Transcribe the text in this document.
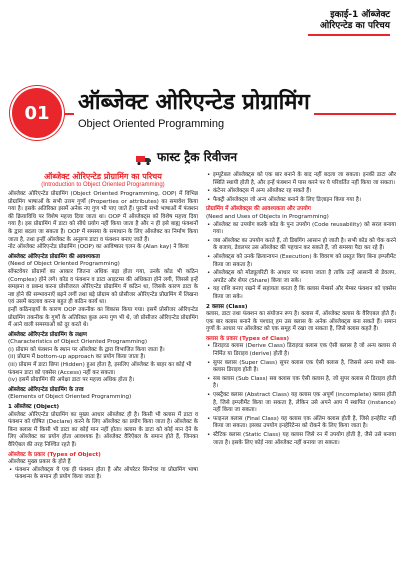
इकाई-1 ऑब्जेक्ट
ओरिएन्टेड का परिचय
01	ऑब्जेक्ट ओरिएन्टेड प्रोग्रामिंग
Object Oriented Programming
फास्ट ट्रैक रिवीजन
ऑब्जेक्ट ओरिएन्टेड प्रोग्रामिंग का परिचय
(Introduction to Object Oriented Programming)

ऑब्जेक्ट ओरिएन्टेड प्रोग्रामिंग (Object Oriented Programming, OOP) में विभिन्न प्रोग्रामिंग भाषाओं के सभी उत्तम गुणों (Properties or attributes) का समावेश किया गया है। इसके अतिरिक्त इसमें अनेक नए गुण भी पाए जाते हैं। पुरानी सभी भाषाओं में फंक्शन की क्रियाविधि पर विशेष महत्त्व दिया जाता था। OOP में ऑब्जेक्ट्स को विशेष महत्त्व दिया गया है। इस प्रोग्रामिंग में डाटा को सीधे प्रयोग नहीं किया जाता है और न ही इसे बाह्य फंक्शनों के द्वारा बदला जा सकता है। OOP में समस्या के समाधान के लिए ऑब्जेक्ट का निर्माण किया जाता है, तथा इन्हीं ऑब्जेक्ट के अनुरूप डाटा व फंक्शन बनाए जाते हैं।

नोट ऑब्जेक्ट ओरिएन्टेड प्रोग्रामिंग (OOP) का आविष्कार एलन के (Alan kay) ने किया

ऑब्जेक्ट ओरिएन्टेड प्रोग्रामिंग की आवश्यकता
(Need of Object Oriented Programming)

सॉफ्टवेयर प्रोग्रामों का आकार जितना अधिक बड़ा होता गया, उनके कोड भी कठिन (Complex) होने लगे। कोड व फंक्शन व डाटा आइटम्स की अधिकता होने लगी, जिससे इन्हें समझना व प्रबन्ध करना प्रोसीजरल ओरिएन्टेड प्रोग्रामिंग में कठिन था, जिसके कारण डाटा के नष्ट होने की सम्भावनाएँ बढ़ने लगीं तथा बड़े प्रोग्राम को प्रोसीजर ओरिएन्टेड प्रोग्रामिंग में लिखना एवं उसमें बदलाव करना बहुत ही कठिन कार्य था।

इन्हीं कठिनाइयों के कारण OOP तकनीक का विकास किया गया। इसमें प्रोसीजर ओरिएन्टेड प्रोग्रामिंग तकनीक के गुणों के अतिरिक्त कुछ अन्य गुण भी थे, जो प्रोसीजर ओरिएन्टेड प्रोग्रामिंग में आने वाली समस्याओं को दूर करते थे।

ऑब्जेक्ट ओरिएन्टेड प्रोग्रामिंग के लक्षण
(Characteristics of Object Oriented Programming)

(i) प्रोग्राम को फंक्शन के स्थान पर ऑब्जेक्ट के द्वारा विभाजित किया जाता है।

(ii) प्रोग्राम में bottom-up approach का प्रयोग किया जाता है।

(iii) प्रोग्राम में डाटा छिपा (Hidden) हुआ होता है, इसलिए ऑब्जेक्ट के बाहर का कोई भी फंक्शन डाटा को एक्सेस (Access) नहीं कर सकता।

(iv) इसमें प्रोग्रामिंग की अपेक्षा डाटा पर महत्त्व अधिक होता है।

ऑब्जेक्ट ओरिएन्टेड प्रोग्रामिंग के तत्त्व
(Elements of Object Oriented Programming)
1 ऑब्जेक्ट (Object)

ऑब्जेक्ट ओरिएन्टेड प्रोग्रामिंग का मुख्य आधार ऑब्जेक्ट ही है। किसी भी क्लास में डाटा व फंक्शन को घोषित (Declare) करने के लिए ऑब्जेक्ट का प्रयोग किया जाता है। ऑब्जेक्ट के बिना क्लास में किसी भी डाटा का कोई मान नहीं होता। क्लास के डाटा को कोई मान देने के लिए ऑब्जेक्ट का प्रयोग होता आवश्यक है। ऑब्जेक्ट वैरिऐबल के समान होते हैं, जिनका वैरिऐबल की तरह निश्चित रहते हैं।

ऑब्जेक्ट के प्रकार (Types of Object)

ऑब्जेक्ट मुख्य प्रकार के होते हैं

• फंक्शन ऑब्जेक्ट्स ये एक ही फंक्शन होता है और ऑपरेटर सिग्नेचर या प्रोग्रामिंग भाषा फंक्शन्स के समान ही प्रयोग किया जाता है।

• इम्यूटेबल ऑब्जेक्ट्स को एक बार बनाने के बाद नहीं बदला जा सकता। इनकी डाटा और स्थिति स्थायी होती है, और इन्हें फंक्शन में पास करने पर ये परिवर्तित नहीं किया जा सकता।

• कंटेनर ऑब्जेक्ट्स में अन्य ऑब्जेक्ट रह सकते हैं।

• फैक्ट्री ऑब्जेक्ट्स जो अन्य ऑब्जेक्ट बनाने के लिए डिज़ाइन किया गया है।

प्रोग्रामिंग में ऑब्जेक्ट्स की आवश्यकता और उपयोग
(Need and Uses of Objects in Programming)

• ऑब्जेक्ट का उपयोग करके कोड के पुनः उपयोग (Code reusability) को सरल बनाया गया।

• जब ऑब्जेक्ट का उपयोग करते हैं, तो डिबगिंग आसान हो जाती है। सभी कोड को चेक करने के बजाय, डेवलपर उस ऑब्जेक्ट की पहचान कर सकते हैं, जो समस्या पैदा कर रहे हैं।

• ऑब्जेक्ट्स को उनके क्रियान्वयन (Execution) के विवरण को प्रस्तुत किए बिना इम्प्लीमेंट किया जा सकता है।

• ऑब्जेक्ट्स को मॉड्यूलरिटी के आधार पर बनाया जाता है ताकि उन्हें आसानी से डेवलप, अपडेट और शेयर (Share) किया जा सके।

• यह राशि बनाए रखने में सहायता करता है कि क्लास मेम्बर्स और मेम्बर फंक्शन को एक्सेस किया जा सके।

2 क्लास (Class)

क्लास, डाटा तथा फंक्शन का संयोजन रूप है। क्लास में, ऑब्जेक्ट क्लास के वैरिएबल होते हैं। एक बार क्लास बनाने के पश्चात् हम उस क्लास के अनेक ऑब्जेक्ट्स बना सकते हैं। समान गुणों के आधार पर ऑब्जेक्ट को एक समूह में रखा जा सकता है, जिसे क्लास कहते हैं।

क्लास के प्रकार (Types of Class)

• डिराइव्ड क्लास (Derive Class) डिराइव्ड क्लास एक ऐसी क्लास है जो अन्य क्लास से निर्मित या डिराइव (derive) होती है।

• सुपर क्लास (Super Class) सुपर क्लास एक ऐसी क्लास है, जिससे अन्य सभी सब-क्लास डिराइव होती है।

• सब क्लास (Sub Class) सब क्लास एक ऐसी क्लास है, जो सुपर क्लास से डिराइव होती है।

• एब्स्ट्रैक्ट क्लास (Abstract Class) यह क्लास एक अपूर्ण (incomplete) क्लास होती है, जिसे इम्प्लीमेंट किया जा सकता है, लेकिन उसे अपने आप में स्थापित (instance) नहीं किया जा सकता।

• फाइनल क्लास (Final Class) यह क्लास एक अंतिम क्लास होती है, जिसे इनहेरिट नहीं किया जा सकता। इसका उपयोग इनहेरिटेन्स को रोकने के लिए किया जाता है।

• स्टैटिक क्लास (Static Class) यह क्लास जिसे रन में उपयोग होती है, जैसे उसे बनाया जाता है। इसके लिए कोई नया ऑब्जेक्ट नहीं बनाया जा सकता।
